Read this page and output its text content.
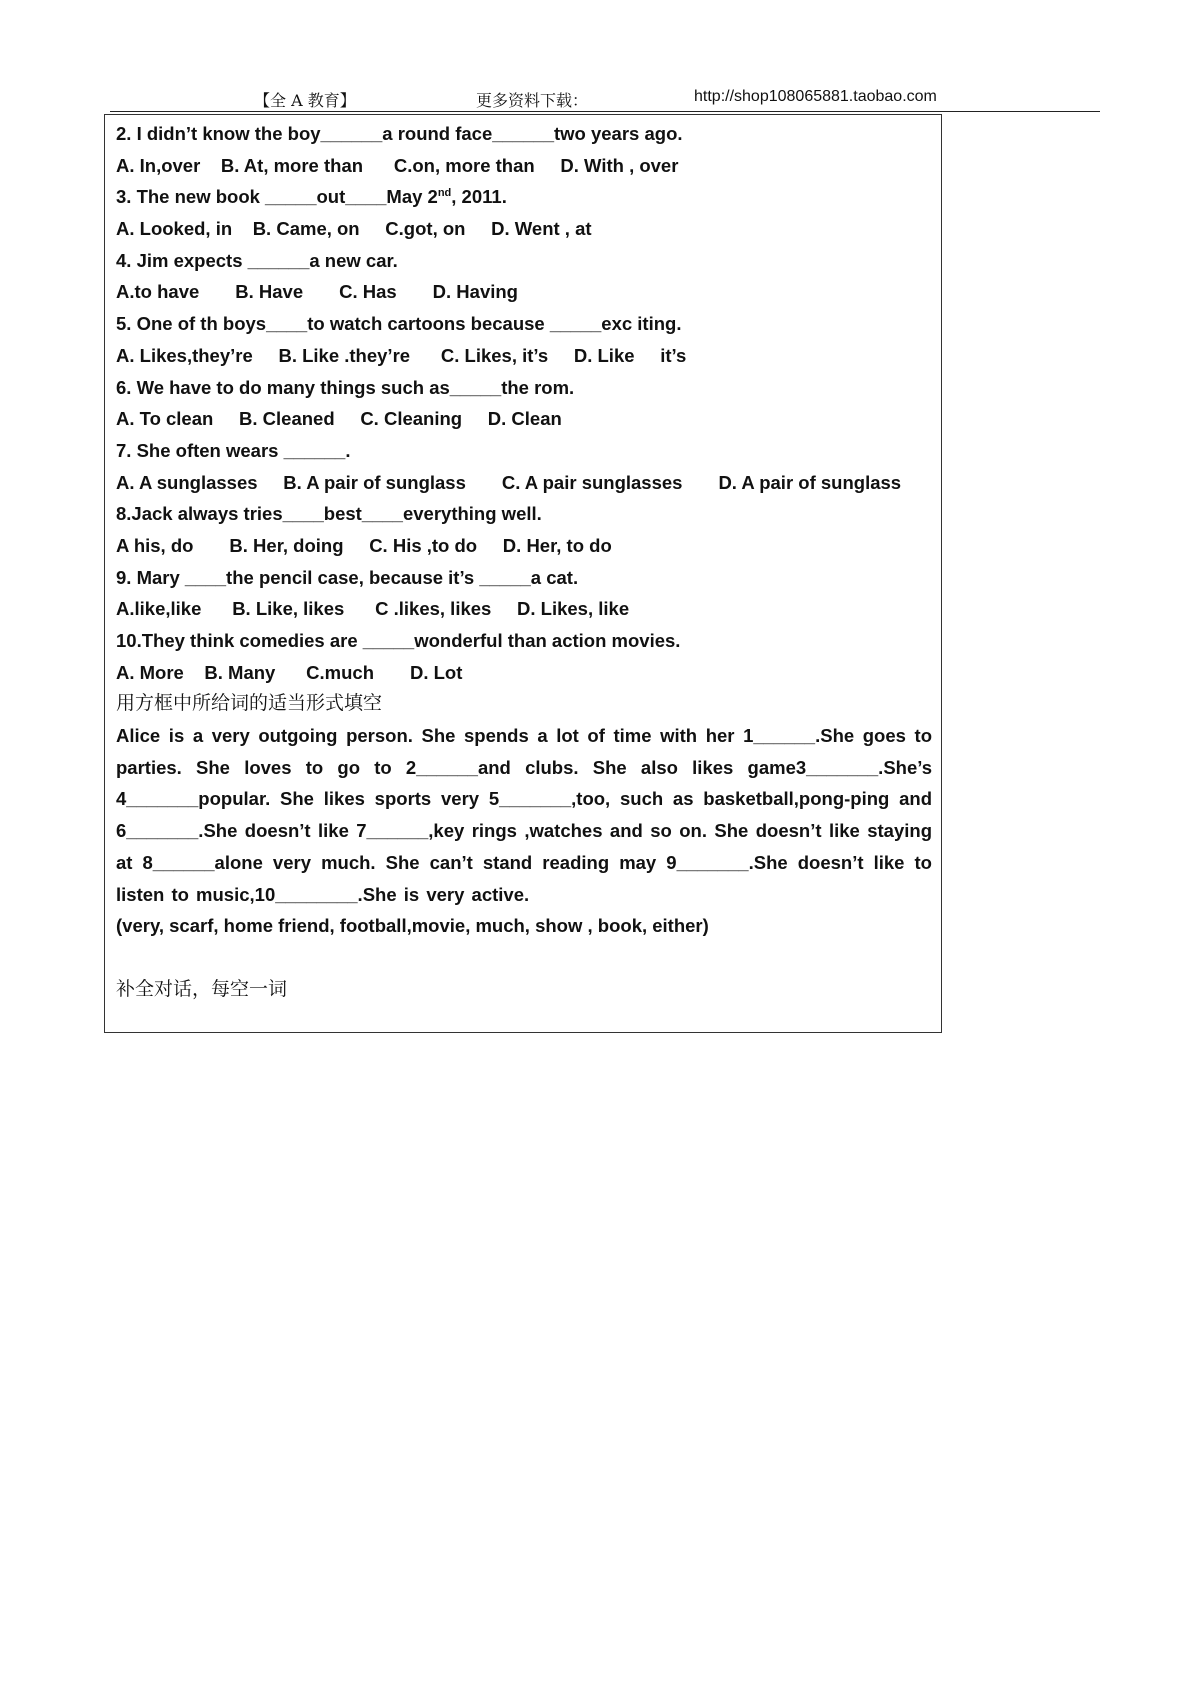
【全 A 教育】	更多资料下载：	http://shop108065881.taobao.com
2. I didn’t know the boy______a round face______two years ago.
A. In,over    B. At, more than      C.on, more than     D. With , over
3. The new book _____out____May 2nd, 2011.
A. Looked, in    B. Came, on     C.got, on     D. Went , at
4. Jim expects ______a new car.
A.to have       B. Have       C. Has       D. Having
5. One of th boys____to watch cartoons because _____exc iting.
A. Likes,they’re     B. Like .they’re      C. Likes, it’s     D. Like     it’s
6. We have to do many things such as_____the rom.
A. To clean     B. Cleaned     C. Cleaning     D. Clean
7. She often wears ______.
A. A sunglasses     B. A pair of sunglass       C. A pair sunglasses       D. A pair of sunglass
8.Jack always tries____best____everything well.
A his, do       B. Her, doing     C. His ,to do     D. Her, to do
9. Mary ____the pencil case, because it’s _____a cat.
A.like,like      B. Like, likes      C .likes, likes     D. Likes, like
10.They think comedies are _____wonderful than action movies.
A. More    B. Many      C.much       D. Lot
用方框中所给词的适当形式填空
Alice is a very outgoing person. She spends a lot of time with her 1______.She goes to parties. She loves to go to 2______and clubs. She also likes game3_______.She’s 4_______popular. She likes sports very 5_______,too, such as basketball,pong-ping and 6_______.She doesn’t like 7______,key rings ,watches and so on. She doesn’t like staying at 8______alone very much. She can’t stand reading may 9_______.She doesn’t like to listen to music,10________.She is very active.
(very, scarf, home friend, football,movie, much, show , book, either)
补全对话，每空一词
